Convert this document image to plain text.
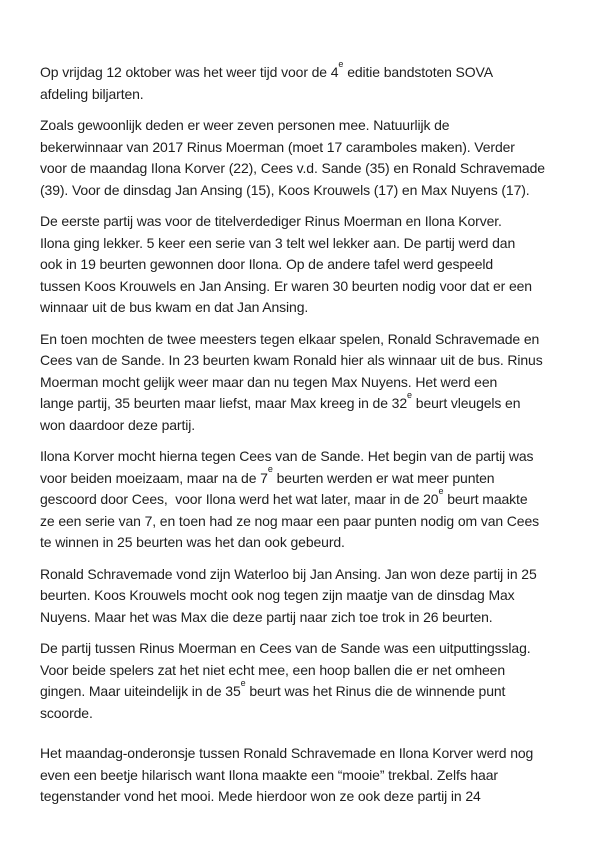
Op vrijdag 12 oktober was het weer tijd voor de 4e editie bandstoten SOVA
afdeling biljarten.
Zoals gewoonlijk deden er weer zeven personen mee. Natuurlijk de
bekerwinnaar van 2017 Rinus Moerman (moet 17 caramboles maken). Verder
voor de maandag Ilona Korver (22), Cees v.d. Sande (35) en Ronald Schravemade
(39). Voor de dinsdag Jan Ansing (15), Koos Krouwels (17) en Max Nuyens (17).
De eerste partij was voor de titelverdediger Rinus Moerman en Ilona Korver.
Ilona ging lekker. 5 keer een serie van 3 telt wel lekker aan. De partij werd dan
ook in 19 beurten gewonnen door Ilona. Op de andere tafel werd gespeeld
tussen Koos Krouwels en Jan Ansing. Er waren 30 beurten nodig voor dat er een
winnaar uit de bus kwam en dat Jan Ansing.
En toen mochten de twee meesters tegen elkaar spelen, Ronald Schravemade en
Cees van de Sande. In 23 beurten kwam Ronald hier als winnaar uit de bus. Rinus
Moerman mocht gelijk weer maar dan nu tegen Max Nuyens. Het werd een
lange partij, 35 beurten maar liefst, maar Max kreeg in de 32e beurt vleugels en
won daardoor deze partij.
Ilona Korver mocht hierna tegen Cees van de Sande. Het begin van de partij was
voor beiden moeizaam, maar na de 7e beurten werden er wat meer punten
gescoord door Cees,  voor Ilona werd het wat later, maar in de 20e beurt maakte
ze een serie van 7, en toen had ze nog maar een paar punten nodig om van Cees
te winnen in 25 beurten was het dan ook gebeurd.
Ronald Schravemade vond zijn Waterloo bij Jan Ansing. Jan won deze partij in 25
beurten. Koos Krouwels mocht ook nog tegen zijn maatje van de dinsdag Max
Nuyens. Maar het was Max die deze partij naar zich toe trok in 26 beurten.
De partij tussen Rinus Moerman en Cees van de Sande was een uitputtingsslag.
Voor beide spelers zat het niet echt mee, een hoop ballen die er net omheen
gingen. Maar uiteindelijk in de 35e beurt was het Rinus die de winnende punt
scoorde.
Het maandag-onderonsje tussen Ronald Schravemade en Ilona Korver werd nog
even een beetje hilarisch want Ilona maakte een “mooie” trekbal. Zelfs haar
tegenstander vond het mooi. Mede hierdoor won ze ook deze partij in 24
